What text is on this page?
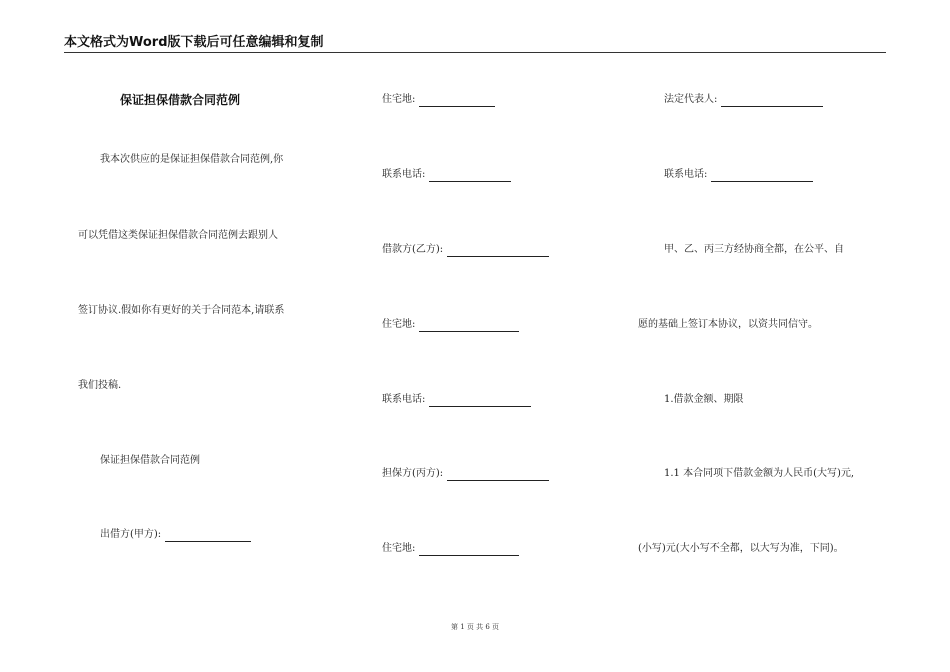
本文格式为Word版下载后可任意编辑和复制
保证担保借款合同范例
我本次供应的是保证担保借款合同范例,你
可以凭借这类保证担保借款合同范例去跟别人
签订协议.假如你有更好的关于合同范本,请联系
我们投稿.
保证担保借款合同范例
出借方(甲方):
住宅地:
联系电话:
借款方(乙方):
住宅地:
联系电话:
担保方(丙方):
住宅地:
法定代表人:
联系电话:
甲、乙、丙三方经协商全都，在公平、自
愿的基础上签订本协议，以资共同信守。
1.借款金额、期限
1.1 本合同项下借款金额为人民币(大写)元,
(小写)元(大小写不全都，以大写为准，下同)。
第 1 页 共 6 页
